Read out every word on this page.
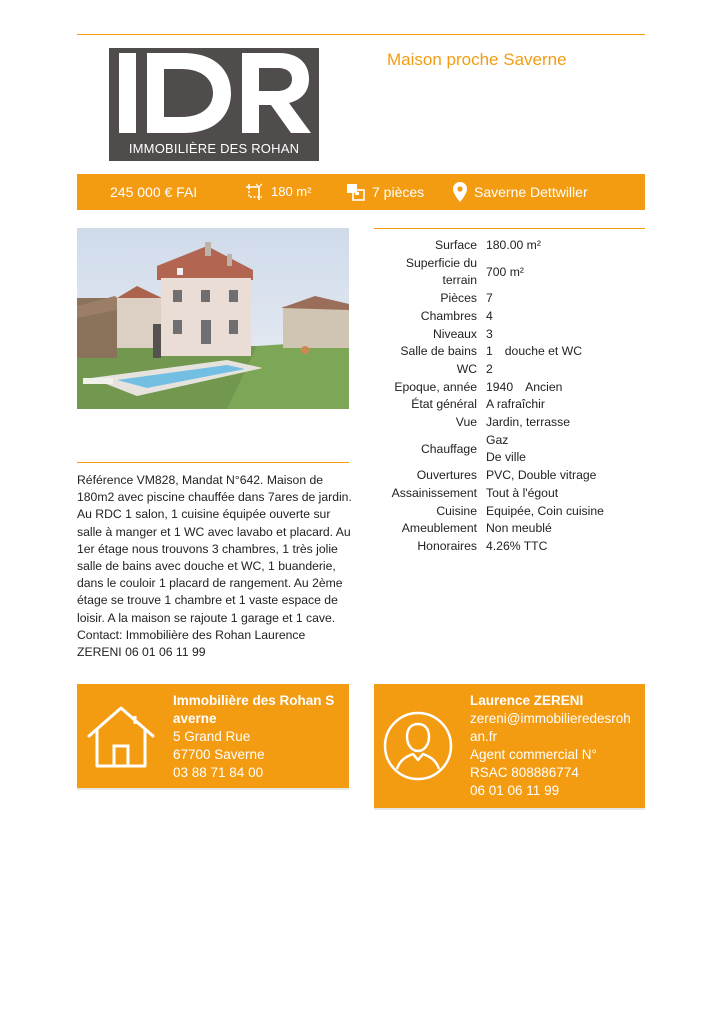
IMMOBILIÈRE DES ROHAN
Maison proche Saverne
245 000 € FAI	180 m²	7 pièces	Saverne Dettwiller
Référence VM828, Mandat N°642. Maison de 180m2 avec piscine chauffée dans 7ares de jardin. Au RDC 1 salon, 1 cuisine équipée ouverte sur salle à manger et 1 WC avec lavabo et placard. Au 1er étage nous trouvons 3 chambres, 1 très jolie salle de bains avec douche et WC, 1 buanderie, dans le couloir 1 placard de rangement. Au 2ème étage se trouve 1 chambre et 1 vaste espace de loisir. A la maison se rajoute 1 garage et 1 cave. Contact: Immobilière des Rohan Laurence ZERENI 06 01 06 11 99
Surface	180.00 m²
Superficie du
terrain	700 m²
Pièces	7
Chambres	4
Niveaux	3
Salle de bains	1 douche et WC
WC	2
Epoque, année	1940 Ancien
État général	A rafraîchir
Vue	Jardin, terrasse
Chauffage	Gaz
De ville
Ouvertures	PVC, Double vitrage
Assainissement	Tout à l'égout
Cuisine	Equipée, Coin cuisine
Ameublement	Non meublé
Honoraires	4.26% TTC
Immobilière des Rohan S
averne
5 Grand Rue
67700 Saverne
03 88 71 84 00
Laurence ZERENI
zereni@immobilieredesroh
an.fr
Agent commercial N°
RSAC 808886774
06 01 06 11 99
